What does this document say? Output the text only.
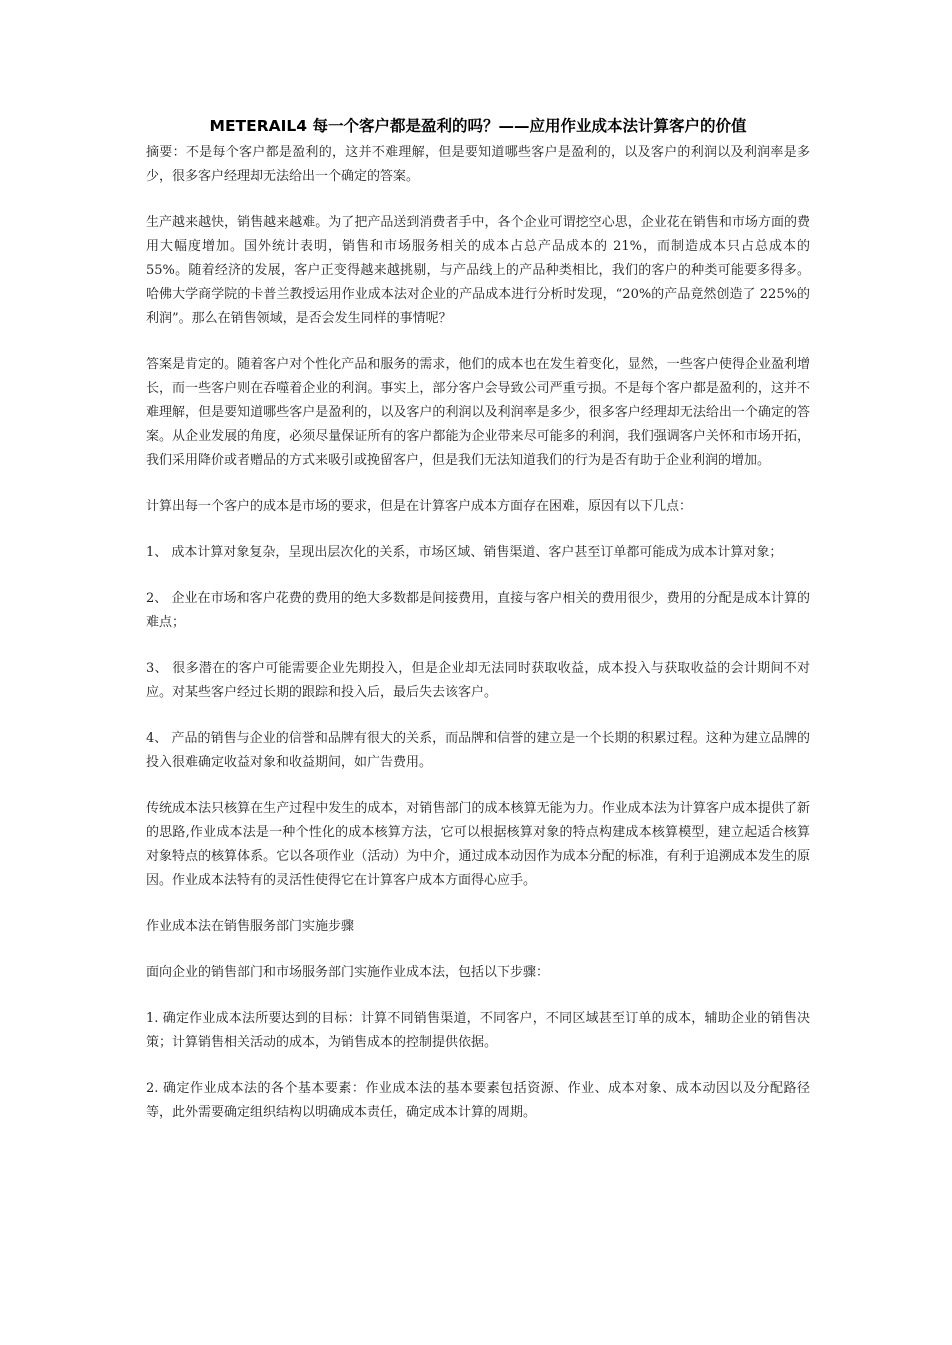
METERAIL4 每一个客户都是盈利的吗？——应用作业成本法计算客户的价值

摘要：不是每个客户都是盈利的，这并不难理解，但是要知道哪些客户是盈利的，以及客户的利润以及利润率是多少，很多客户经理却无法给出一个确定的答案。

生产越来越快，销售越来越难。为了把产品送到消费者手中，各个企业可谓挖空心思，企业花在销售和市场方面的费用大幅度增加。国外统计表明，销售和市场服务相关的成本占总产品成本的 21%，而制造成本只占总成本的 55%。随着经济的发展，客户正变得越来越挑剔，与产品线上的产品种类相比，我们的客户的种类可能要多得多。哈佛大学商学院的卡普兰教授运用作业成本法对企业的产品成本进行分析时发现，“20%的产品竟然创造了 225%的利润”。那么在销售领域，是否会发生同样的事情呢？

答案是肯定的。随着客户对个性化产品和服务的需求，他们的成本也在发生着变化，显然，一些客户使得企业盈利增长，而一些客户则在吞噬着企业的利润。事实上，部分客户会导致公司严重亏损。不是每个客户都是盈利的，这并不难理解，但是要知道哪些客户是盈利的，以及客户的利润以及利润率是多少，很多客户经理却无法给出一个确定的答案。从企业发展的角度，必须尽量保证所有的客户都能为企业带来尽可能多的利润，我们强调客户关怀和市场开拓，我们采用降价或者赠品的方式来吸引或挽留客户，但是我们无法知道我们的行为是否有助于企业利润的增加。

计算出每一个客户的成本是市场的要求，但是在计算客户成本方面存在困难，原因有以下几点：

1、 成本计算对象复杂，呈现出层次化的关系，市场区域、销售渠道、客户甚至订单都可能成为成本计算对象；

2、 企业在市场和客户花费的费用的绝大多数都是间接费用，直接与客户相关的费用很少，费用的分配是成本计算的难点；

3、 很多潜在的客户可能需要企业先期投入，但是企业却无法同时获取收益，成本投入与获取收益的会计期间不对应。对某些客户经过长期的跟踪和投入后，最后失去该客户。

4、 产品的销售与企业的信誉和品牌有很大的关系，而品牌和信誉的建立是一个长期的积累过程。这种为建立品牌的投入很难确定收益对象和收益期间，如广告费用。

传统成本法只核算在生产过程中发生的成本，对销售部门的成本核算无能为力。作业成本法为计算客户成本提供了新的思路,作业成本法是一种个性化的成本核算方法，它可以根据核算对象的特点构建成本核算模型，建立起适合核算对象特点的核算体系。它以各项作业（活动）为中介，通过成本动因作为成本分配的标准，有利于追溯成本发生的原因。作业成本法特有的灵活性使得它在计算客户成本方面得心应手。

作业成本法在销售服务部门实施步骤

面向企业的销售部门和市场服务部门实施作业成本法，包括以下步骤：

1. 确定作业成本法所要达到的目标：计算不同销售渠道，不同客户，不同区域甚至订单的成本，辅助企业的销售决策；计算销售相关活动的成本，为销售成本的控制提供依据。

2. 确定作业成本法的各个基本要素：作业成本法的基本要素包括资源、作业、成本对象、成本动因以及分配路径等，此外需要确定组织结构以明确成本责任，确定成本计算的周期。
